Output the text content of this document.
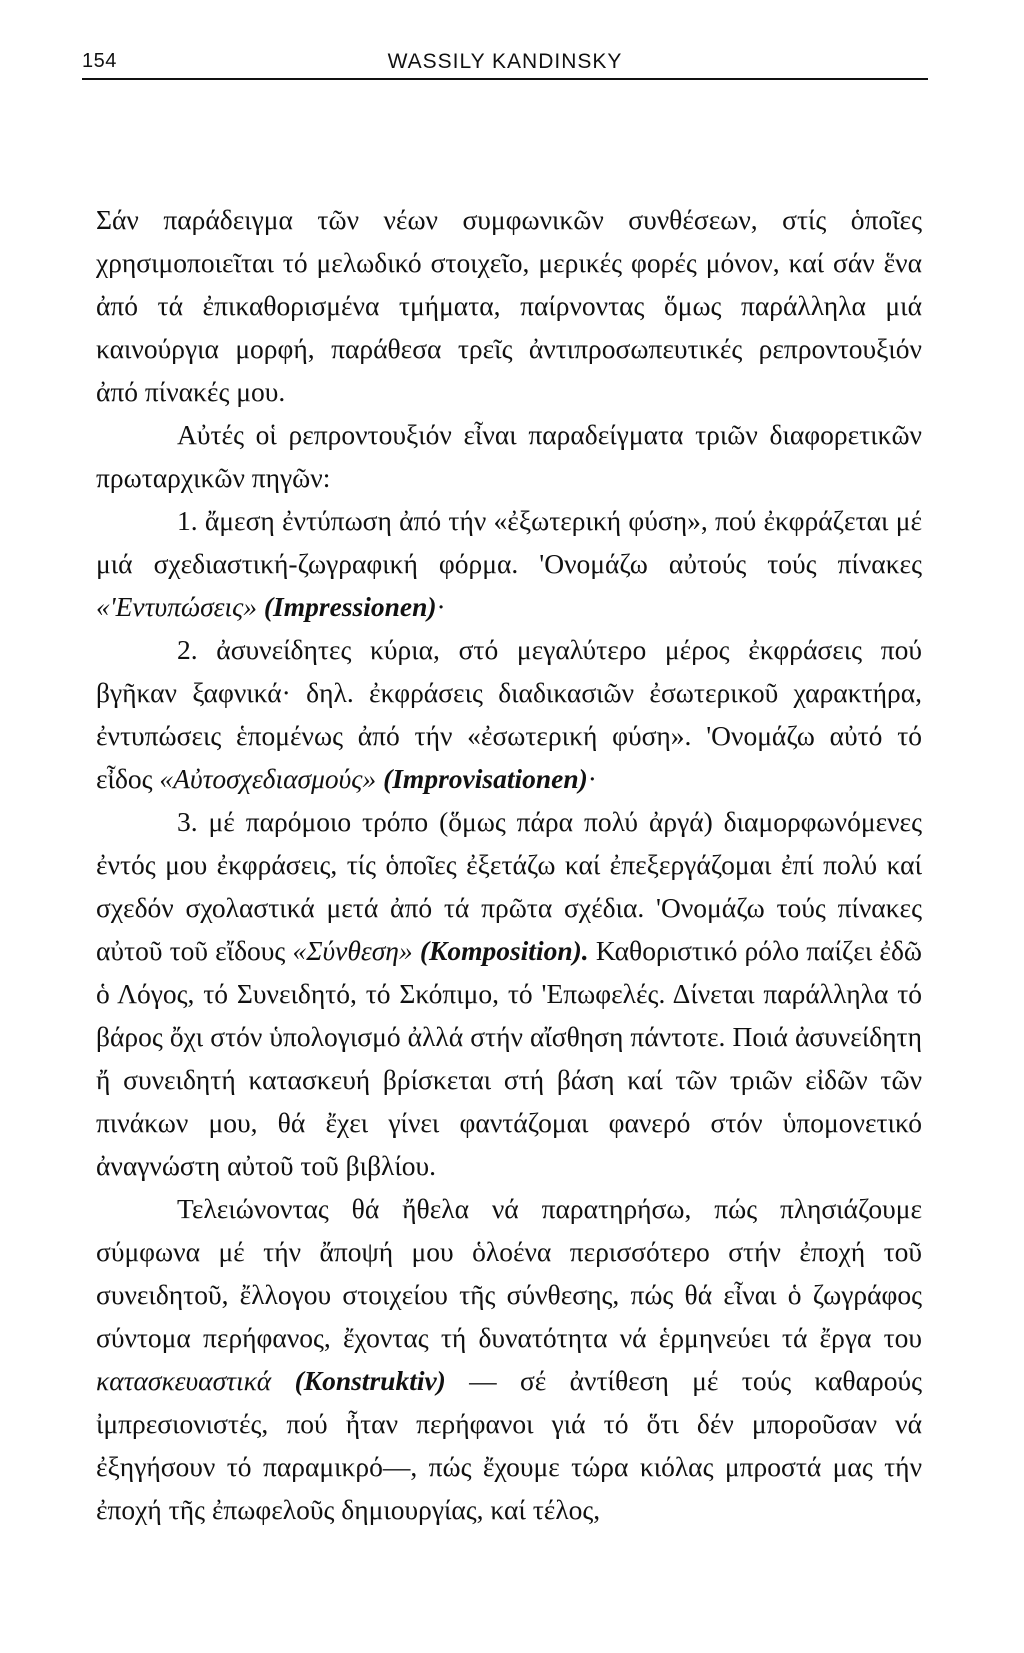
154	WASSILY KANDINSKY

Σάν παράδειγμα τῶν νέων συμφωνικῶν συνθέσεων, στίς ὁποῖες χρησιμοποιεῖται τό μελωδικό στοιχεῖο, μερικές φορές μόνον, καί σάν ἕνα ἀπό τά ἐπικαθορισμένα τμήματα, παίρνοντας ὅμως παράλληλα μιά καινούργια μορφή, παράθεσα τρεῖς ἀντιπροσωπευτικές ρεπροντουξιόν ἀπό πίνακές μου.

Αὐτές οἱ ρεπροντουξιόν εἶναι παραδείγματα τριῶν διαφορετικῶν πρωταρχικῶν πηγῶν:

1. ἄμεση ἐντύπωση ἀπό τήν «ἐξωτερική φύση», πού ἐκφράζεται μέ μιά σχεδιαστική-ζωγραφική φόρμα. 'Ονομάζω αὐτούς τούς πίνακες «'Εντυπώσεις» (Impressionen)·

2. ἀσυνείδητες κύρια, στό μεγαλύτερο μέρος ἐκφράσεις πού βγῆκαν ξαφνικά· δηλ. ἐκφράσεις διαδικασιῶν ἐσωτερικοῦ χαρακτήρα, ἐντυπώσεις ἑπομένως ἀπό τήν «ἐσωτερική φύση». 'Ονομάζω αὐτό τό εἶδος «Αὐτοσχεδιασμούς» (Improvisationen)·

3. μέ παρόμοιο τρόπο (ὅμως πάρα πολύ ἀργά) διαμορφωνόμενες ἐντός μου ἐκφράσεις, τίς ὁποῖες ἐξετάζω καί ἐπεξεργάζομαι ἐπί πολύ καί σχεδόν σχολαστικά μετά ἀπό τά πρῶτα σχέδια. 'Ονομάζω τούς πίνακες αὐτοῦ τοῦ εἴδους «Σύνθεση» (Komposition). Καθοριστικό ρόλο παίζει ἐδῶ ὁ Λόγος, τό Συνειδητό, τό Σκόπιμο, τό 'Επωφελές. Δίνεται παράλληλα τό βάρος ὄχι στόν ὑπολογισμό ἀλλά στήν αἴσθηση πάντοτε. Ποιά ἀσυνείδητη ἤ συνειδητή κατασκευή βρίσκεται στή βάση καί τῶν τριῶν εἰδῶν τῶν πινάκων μου, θά ἔχει γίνει φαντάζομαι φανερό στόν ὑπομονετικό ἀναγνώστη αὐτοῦ τοῦ βιβλίου.

Τελειώνοντας θά ἤθελα νά παρατηρήσω, πώς πλησιάζουμε σύμφωνα μέ τήν ἄποψή μου ὁλοένα περισσότερο στήν ἐποχή τοῦ συνειδητοῦ, ἔλλογου στοιχείου τῆς σύνθεσης, πώς θά εἶναι ὁ ζωγράφος σύντομα περήφανος, ἔχοντας τή δυνατότητα νά ἑρμηνεύει τά ἔργα του κατασκευαστικά (Konstruktiv) — σέ ἀντίθεση μέ τούς καθαρούς ἰμπρεσιονιστές, πού ἦταν περήφανοι γιά τό ὅτι δέν μποροῦσαν νά ἐξηγήσουν τό παραμικρό—, πώς ἔχουμε τώρα κιόλας μπροστά μας τήν ἐποχή τῆς ἐπωφελοῦς δημιουργίας, καί τέλος,
